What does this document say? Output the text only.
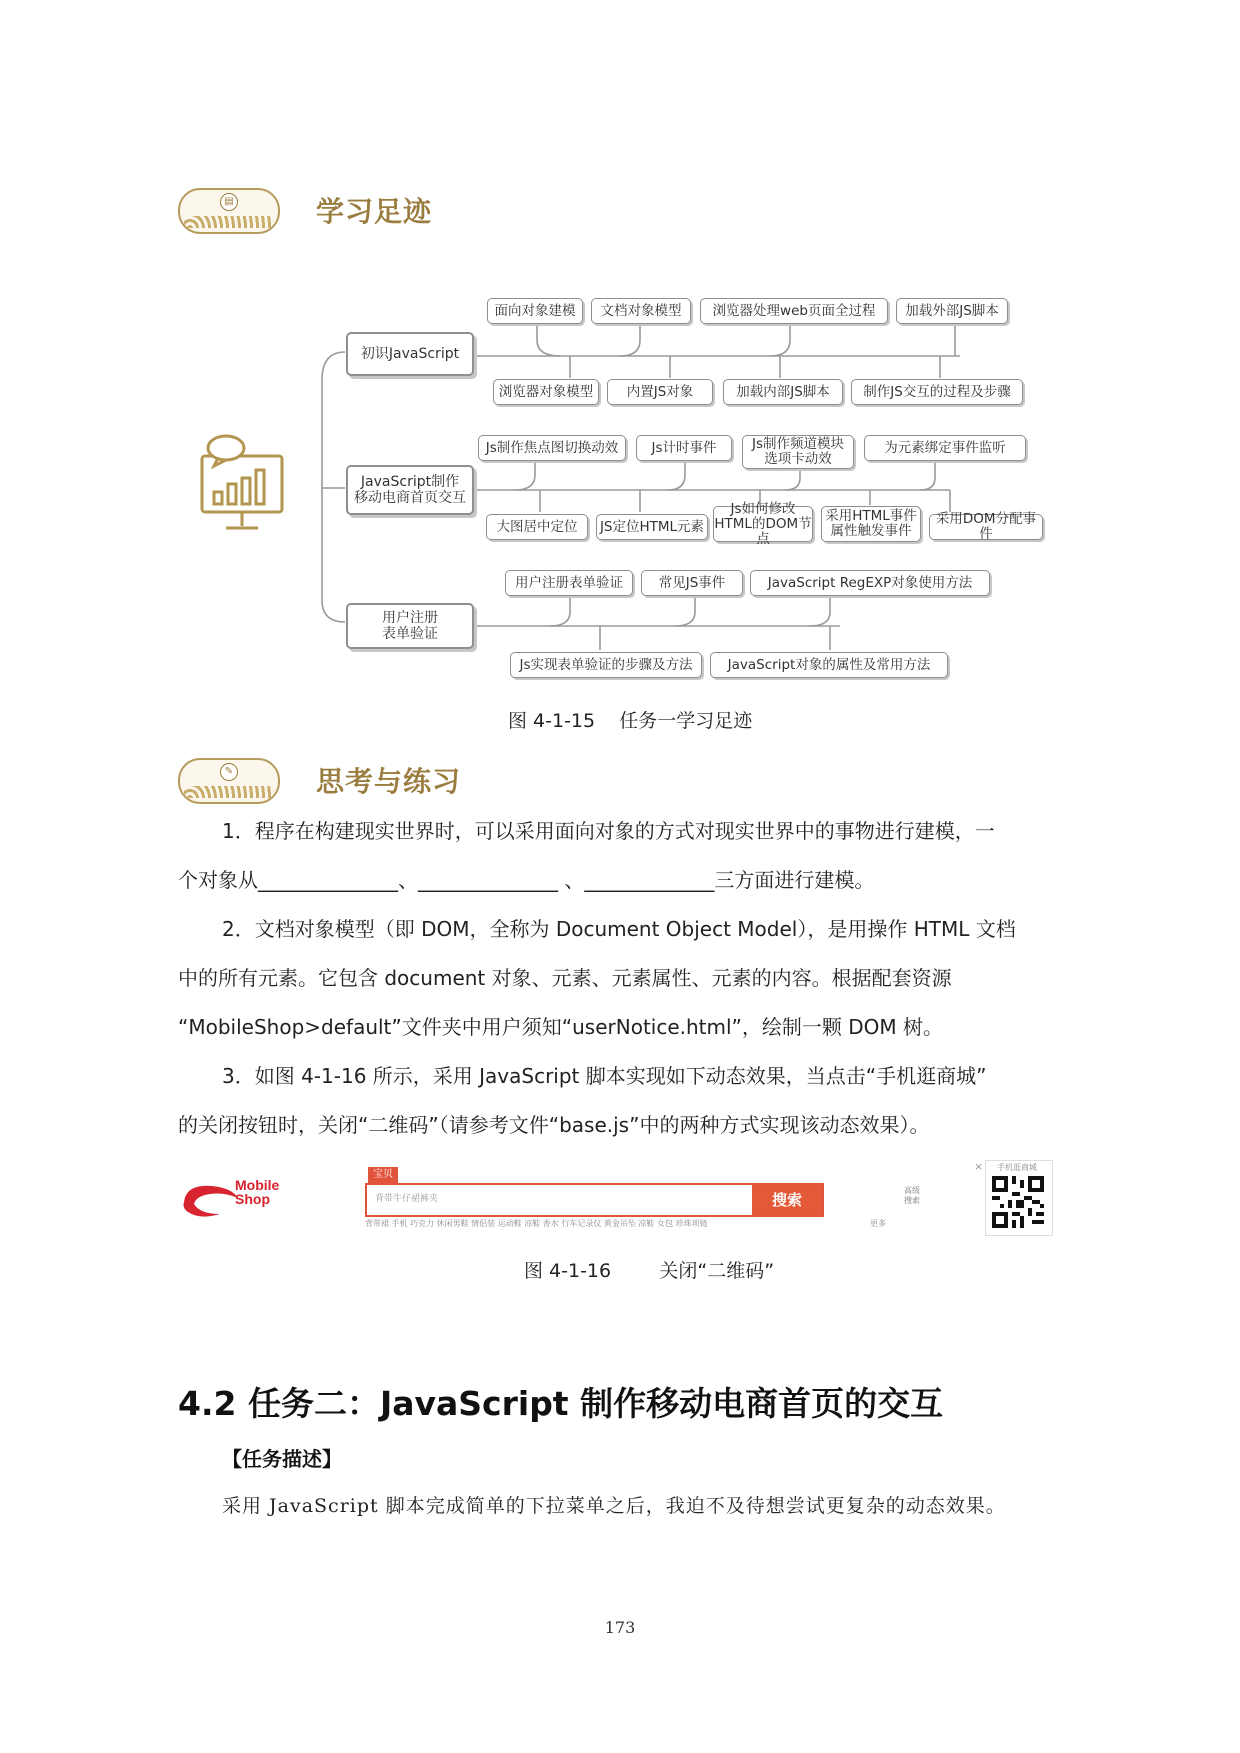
▤	学习足迹
初识JavaScript
面向对象建模	文档对象模型	浏览器处理web页面全过程	加载外部JS脚本
浏览器对象模型	内置JS对象	加载内部JS脚本	制作JS交互的过程及步骤
JavaScript制作
移动电商首页交互
Js制作焦点图切换动效	Js计时事件	Js制作频道模块
选项卡动效
为元素绑定事件监听
大图居中定位	JS定位HTML元素
Js如何修改
HTML的DOM节点
采用HTML事件
属性触发事件
采用DOM分配事件
用户注册
表单验证
用户注册表单验证	常见JS事件	JavaScript RegEXP对象使用方法
Js实现表单验证的步骤及方法	JavaScript对象的属性及常用方法
图 4-1-15    任务一学习足迹
✎	思考与练习
1．程序在构建现实世界时，可以采用面向对象的方式对现实世界中的事物进行建模，一
个对象从______________、______________ 、_____________三方面进行建模。
2．文档对象模型（即 DOM，全称为 Document Object Model），是用操作 HTML 文档
中的所有元素。它包含 document 对象、元素、元素属性、元素的内容。根据配套资源
“MobileShop>default”文件夹中用户须知“userNotice.html”，绘制一颗 DOM 树。
3．如图 4-1-16 所示，采用 JavaScript 脚本实现如下动态效果，当点击“手机逛商城”
的关闭按钮时，关闭“二维码”（请参考文件“base.js”中的两种方式实现该动态效果）。
Mobile
Shop
宝贝
背带牛仔裙裤夹	搜索
高级
搜索
背带裙 手机 巧克力 休闲男鞋 情侣装 运动鞋 凉鞋 香水 行车记录仪 黄金吊坠 凉鞋 女包 珍珠项链	更多
× 手机逛商城
图 4-1-16        关闭“二维码”
4.2 任务二：JavaScript 制作移动电商首页的交互
【任务描述】
采用 JavaScript 脚本完成简单的下拉菜单之后，我迫不及待想尝试更复杂的动态效果。
173
